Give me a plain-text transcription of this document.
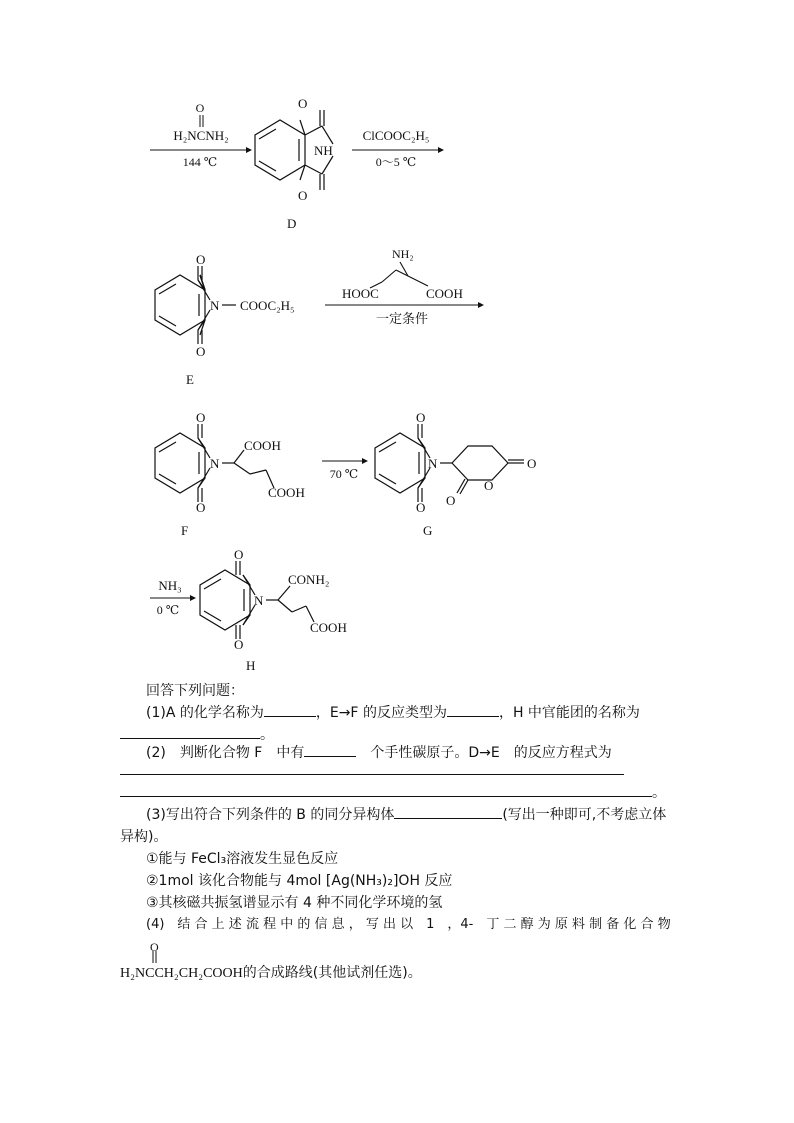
O
H₂NCNH₂
144 ℃
O
O
NH
D
ClCOOC₂H₅
0～5 ℃
O
O
N COOC₂H₅
E
NH₂
HOOC	COOH
一定条件
O
O
N
COOH
COOH
F
70 ℃
O
O
N	O
O
O
G
NH₃
0 ℃
O
O
N
CONH₂
COOH
H
回答下列问题：
(1)A 的化学名称为	，E→F 的反应类型为	，H 中官能团的名称为
。
(2)　判断化合物 F　中有	　个手性碳原子。D→E　的反应方程式为
。
(3)写出符合下列条件的 B 的同分异构体	(写出一种即可,不考虑立体
异构)。
①能与 FeCl₃溶液发生显色反应
②1mol 该化合物能与 4mol [Ag(NH₃)₂]OH 反应
③其核磁共振氢谱显示有 4 种不同化学环境的氢
(4)　结 合 上 述 流 程 中 的 信 息 ， 写 出 以　1　，4-　丁 二 醇 为 原 料 制 备 化 合 物
O
H₂NCCH₂CH₂COOH的合成路线(其他试剂任选)。
